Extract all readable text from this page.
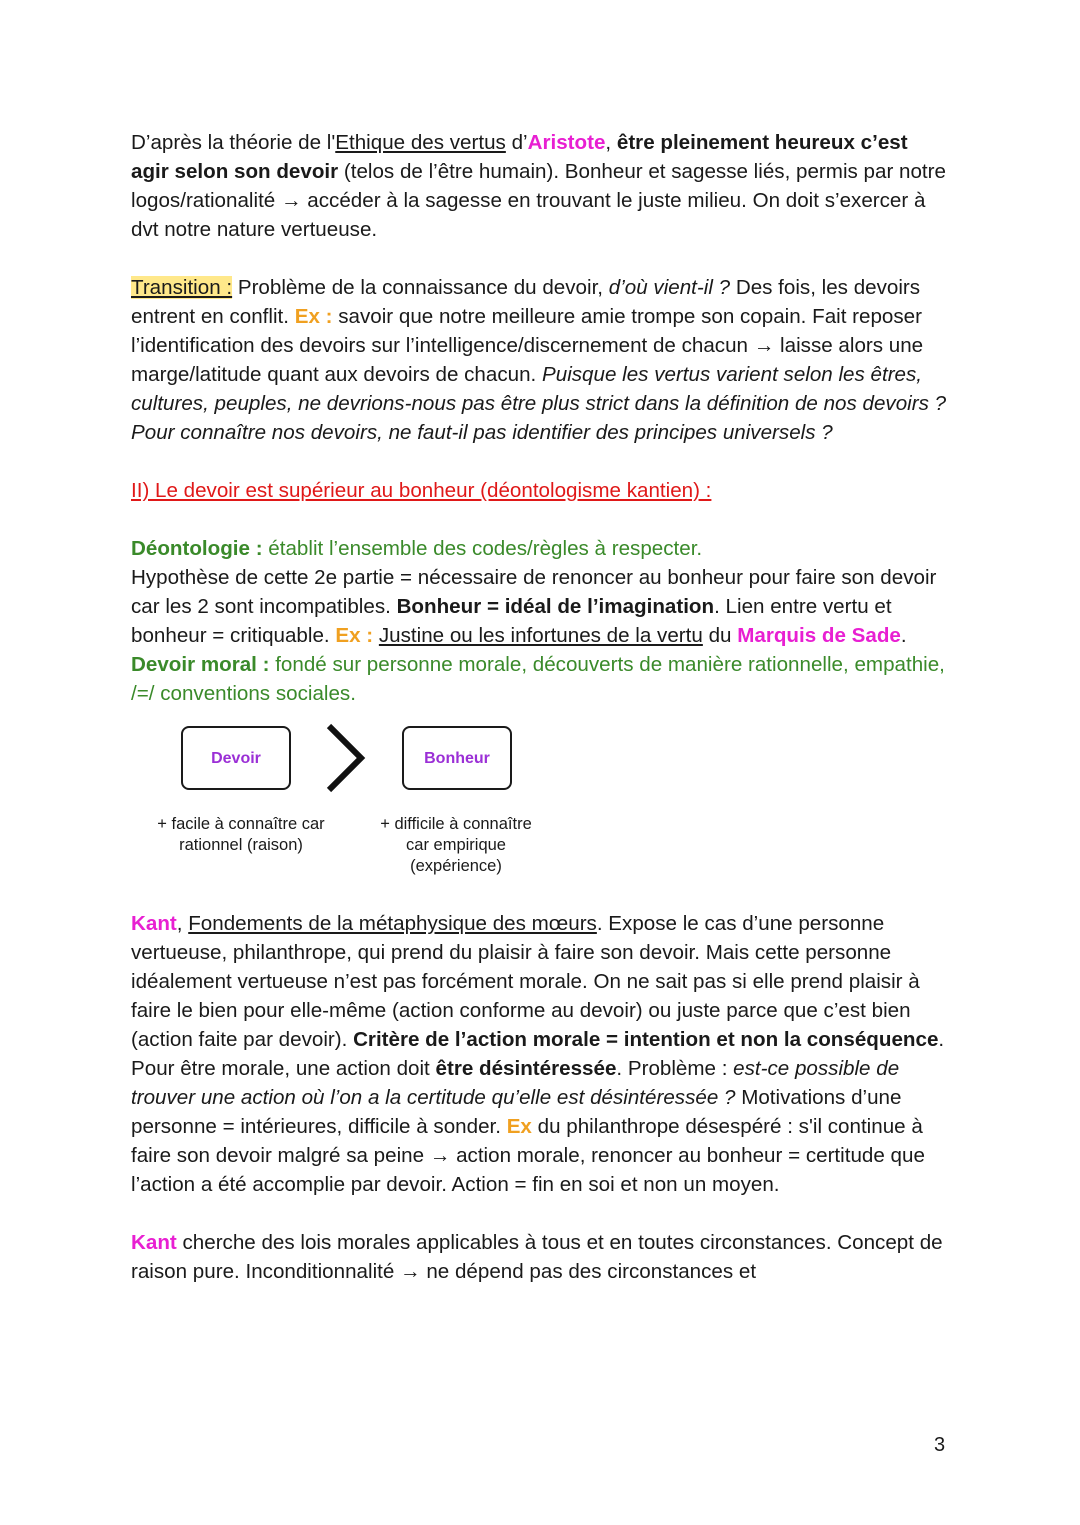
D’après la théorie de l'Ethique des vertus d’Aristote, être pleinement heureux c’est agir selon son devoir (telos de l’être humain). Bonheur et sagesse liés, permis par notre logos/rationalité → accéder à la sagesse en trouvant le juste milieu. On doit s’exercer à dvt notre nature vertueuse.

Transition : Problème de la connaissance du devoir, d’où vient-il ? Des fois, les devoirs entrent en conflit. Ex : savoir que notre meilleure amie trompe son copain. Fait reposer l’identification des devoirs sur l’intelligence/discernement de chacun → laisse alors une marge/latitude quant aux devoirs de chacun. Puisque les vertus varient selon les êtres, cultures, peuples, ne devrions-nous pas être plus strict dans la définition de nos devoirs ? Pour connaître nos devoirs, ne faut-il pas identifier des principes universels ?

II) Le devoir est supérieur au bonheur (déontologisme kantien) :

Déontologie : établit l’ensemble des codes/règles à respecter.
Hypothèse de cette 2e partie = nécessaire de renoncer au bonheur pour faire son devoir car les 2 sont incompatibles. Bonheur = idéal de l’imagination. Lien entre vertu et bonheur = critiquable. Ex : Justine ou les infortunes de la vertu du Marquis de Sade.
Devoir moral : fondé sur personne morale, découverts de manière rationnelle, empathie, /=/ conventions sociales.

Devoir	Bonheur
+ facile à connaître car rationnel (raison)
+ difficile à connaître car empirique (expérience)

Kant, Fondements de la métaphysique des mœurs. Expose le cas d’une personne vertueuse, philanthrope, qui prend du plaisir à faire son devoir. Mais cette personne idéalement vertueuse n’est pas forcément morale. On ne sait pas si elle prend plaisir à faire le bien pour elle-même (action conforme au devoir) ou juste parce que c’est bien (action faite par devoir). Critère de l’action morale = intention et non la conséquence. Pour être morale, une action doit être désintéressée. Problème : est-ce possible de trouver une action où l’on a la certitude qu’elle est désintéressée ? Motivations d’une personne = intérieures, difficile à sonder. Ex du philanthrope désespéré : s'il continue à faire son devoir malgré sa peine → action morale, renoncer au bonheur = certitude que l’action a été accomplie par devoir. Action = fin en soi et non un moyen.

Kant cherche des lois morales applicables à tous et en toutes circonstances. Concept de raison pure. Inconditionnalité → ne dépend pas des circonstances et

3
